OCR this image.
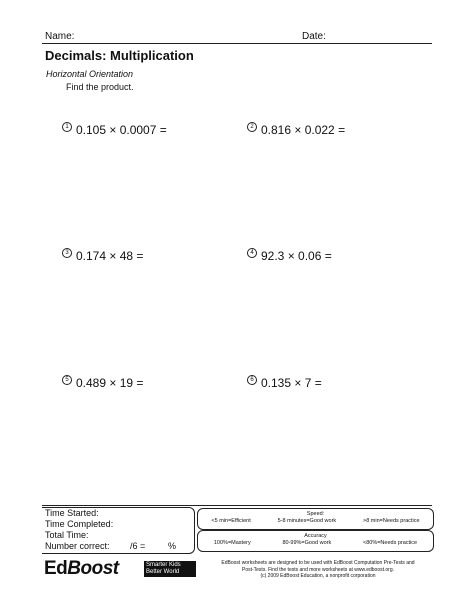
Name:	Date:
Decimals: Multiplication
Horizontal Orientation
Find the product.
1 0.105 × 0.0007 =	2 0.816 × 0.022 =
3 0.174 × 48 =	4 92.3 × 0.06 =
5 0.489 × 19 =	6 0.135 × 7 =
Time Started:
Time Completed:
Total Time:
Number correct: /6 =	%
Speed:
<5 min=Efficient	5-8 minutes=Good work	>8 min=Needs practice
Accuracy
100%=Mastery	80-99%=Good work	<80%=Needs practice
EdBoost	Smarter Kids
Better World
EdBoost worksheets are designed to be used with EdBoost Computation Pre-Tests and
Post-Tests. Find the tests and more worksheets at www.edboost.org.
(c) 2009 EdBoost Education, a nonprofit corporation
